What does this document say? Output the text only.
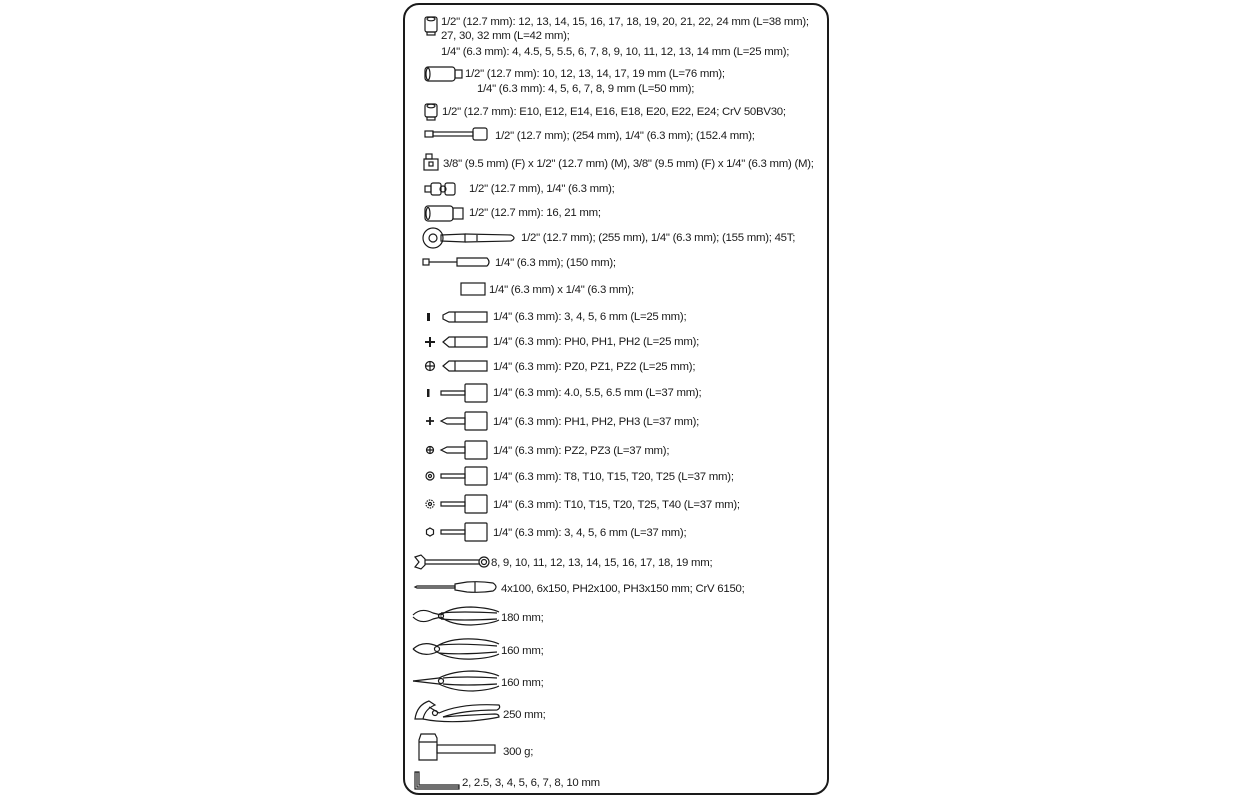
1/2" (12.7 mm): 12, 13, 14, 15, 16, 17, 18, 19, 20, 21, 22, 24 mm (L=38 mm);
27, 30, 32 mm (L=42 mm);
1/4" (6.3 mm): 4, 4.5, 5, 5.5, 6, 7, 8, 9, 10, 11, 12, 13, 14 mm (L=25 mm);
1/2" (12.7 mm): 10, 12, 13, 14, 17, 19 mm (L=76 mm);
1/4" (6.3 mm): 4, 5, 6, 7, 8, 9 mm (L=50 mm);
1/2" (12.7 mm): E10, E12, E14, E16, E18, E20, E22, E24; CrV 50BV30;
1/2" (12.7 mm); (254 mm), 1/4" (6.3 mm); (152.4 mm);
3/8" (9.5 mm) (F) x 1/2" (12.7 mm) (M), 3/8" (9.5 mm) (F) x 1/4" (6.3 mm) (M);
1/2" (12.7 mm), 1/4" (6.3 mm);
1/2" (12.7 mm): 16, 21 mm;
1/2" (12.7 mm); (255 mm), 1/4" (6.3 mm); (155 mm); 45T;
1/4" (6.3 mm); (150 mm);
1/4" (6.3 mm) x 1/4" (6.3 mm);
1/4" (6.3 mm): 3, 4, 5, 6 mm (L=25 mm);
1/4" (6.3 mm): PH0, PH1, PH2 (L=25 mm);
1/4" (6.3 mm): PZ0, PZ1, PZ2 (L=25 mm);
1/4" (6.3 mm): 4.0, 5.5, 6.5 mm (L=37 mm);
1/4" (6.3 mm): PH1, PH2, PH3 (L=37 mm);
1/4" (6.3 mm): PZ2, PZ3 (L=37 mm);
1/4" (6.3 mm): T8, T10, T15, T20, T25 (L=37 mm);
1/4" (6.3 mm): T10, T15, T20, T25, T40 (L=37 mm);
1/4" (6.3 mm): 3, 4, 5, 6 mm (L=37 mm);
8, 9, 10, 11, 12, 13, 14, 15, 16, 17, 18, 19 mm;
4x100, 6x150, PH2x100, PH3x150 mm; CrV 6150;
180 mm;
160 mm;
160 mm;
250 mm;
300 g;
2, 2.5, 3, 4, 5, 6, 7, 8, 10 mm
